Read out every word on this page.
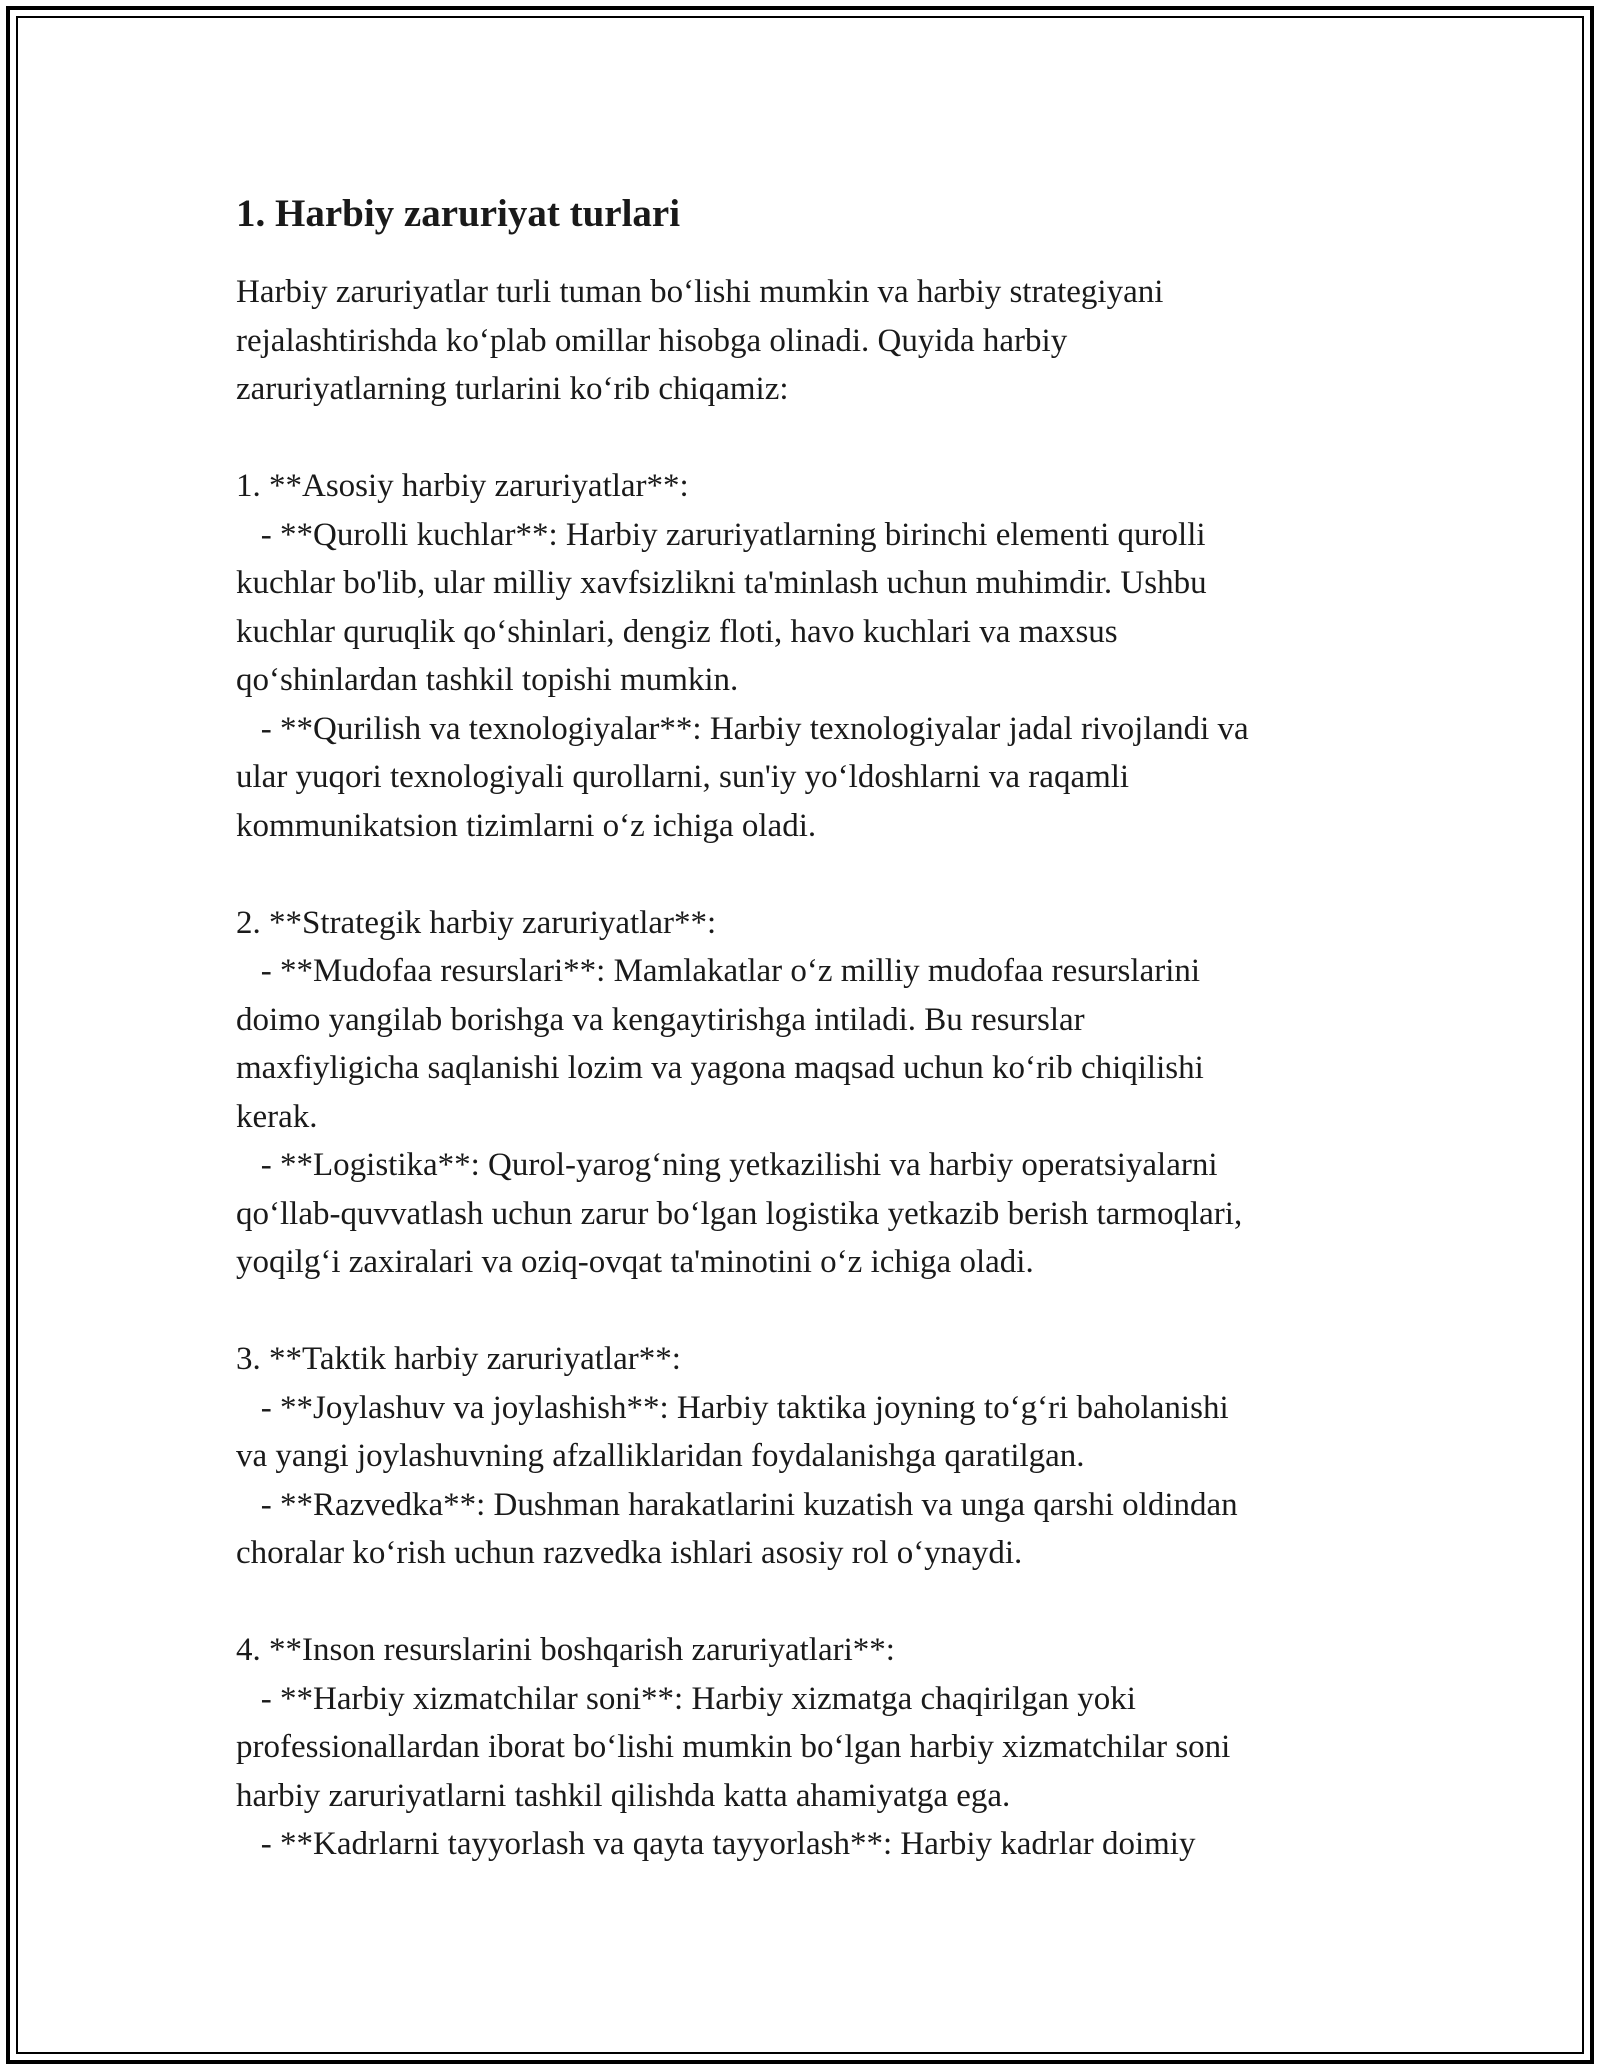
1. Harbiy zaruriyat turlari

Harbiy zaruriyatlar turli tuman bo‘lishi mumkin va harbiy strategiyani
rejalashtirishda ko‘plab omillar hisobga olinadi. Quyida harbiy
zaruriyatlarning turlarini ko‘rib chiqamiz:

1. **Asosiy harbiy zaruriyatlar**:
- **Qurolli kuchlar**: Harbiy zaruriyatlarning birinchi elementi qurolli
kuchlar bo'lib, ular milliy xavfsizlikni ta'minlash uchun muhimdir. Ushbu
kuchlar quruqlik qo‘shinlari, dengiz floti, havo kuchlari va maxsus
qo‘shinlardan tashkil topishi mumkin.
- **Qurilish va texnologiyalar**: Harbiy texnologiyalar jadal rivojlandi va
ular yuqori texnologiyali qurollarni, sun'iy yo‘ldoshlarni va raqamli
kommunikatsion tizimlarni o‘z ichiga oladi.

2. **Strategik harbiy zaruriyatlar**:
- **Mudofaa resurslari**: Mamlakatlar o‘z milliy mudofaa resurslarini
doimo yangilab borishga va kengaytirishga intiladi. Bu resurslar
maxfiyligicha saqlanishi lozim va yagona maqsad uchun ko‘rib chiqilishi
kerak.
- **Logistika**: Qurol-yarog‘ning yetkazilishi va harbiy operatsiyalarni
qo‘llab-quvvatlash uchun zarur bo‘lgan logistika yetkazib berish tarmoqlari,
yoqilg‘i zaxiralari va oziq-ovqat ta'minotini o‘z ichiga oladi.

3. **Taktik harbiy zaruriyatlar**:
- **Joylashuv va joylashish**: Harbiy taktika joyning to‘g‘ri baholanishi
va yangi joylashuvning afzalliklaridan foydalanishga qaratilgan.
- **Razvedka**: Dushman harakatlarini kuzatish va unga qarshi oldindan
choralar ko‘rish uchun razvedka ishlari asosiy rol o‘ynaydi.

4. **Inson resurslarini boshqarish zaruriyatlari**:
- **Harbiy xizmatchilar soni**: Harbiy xizmatga chaqirilgan yoki
professionallardan iborat bo‘lishi mumkin bo‘lgan harbiy xizmatchilar soni
harbiy zaruriyatlarni tashkil qilishda katta ahamiyatga ega.
- **Kadrlarni tayyorlash va qayta tayyorlash**: Harbiy kadrlar doimiy
